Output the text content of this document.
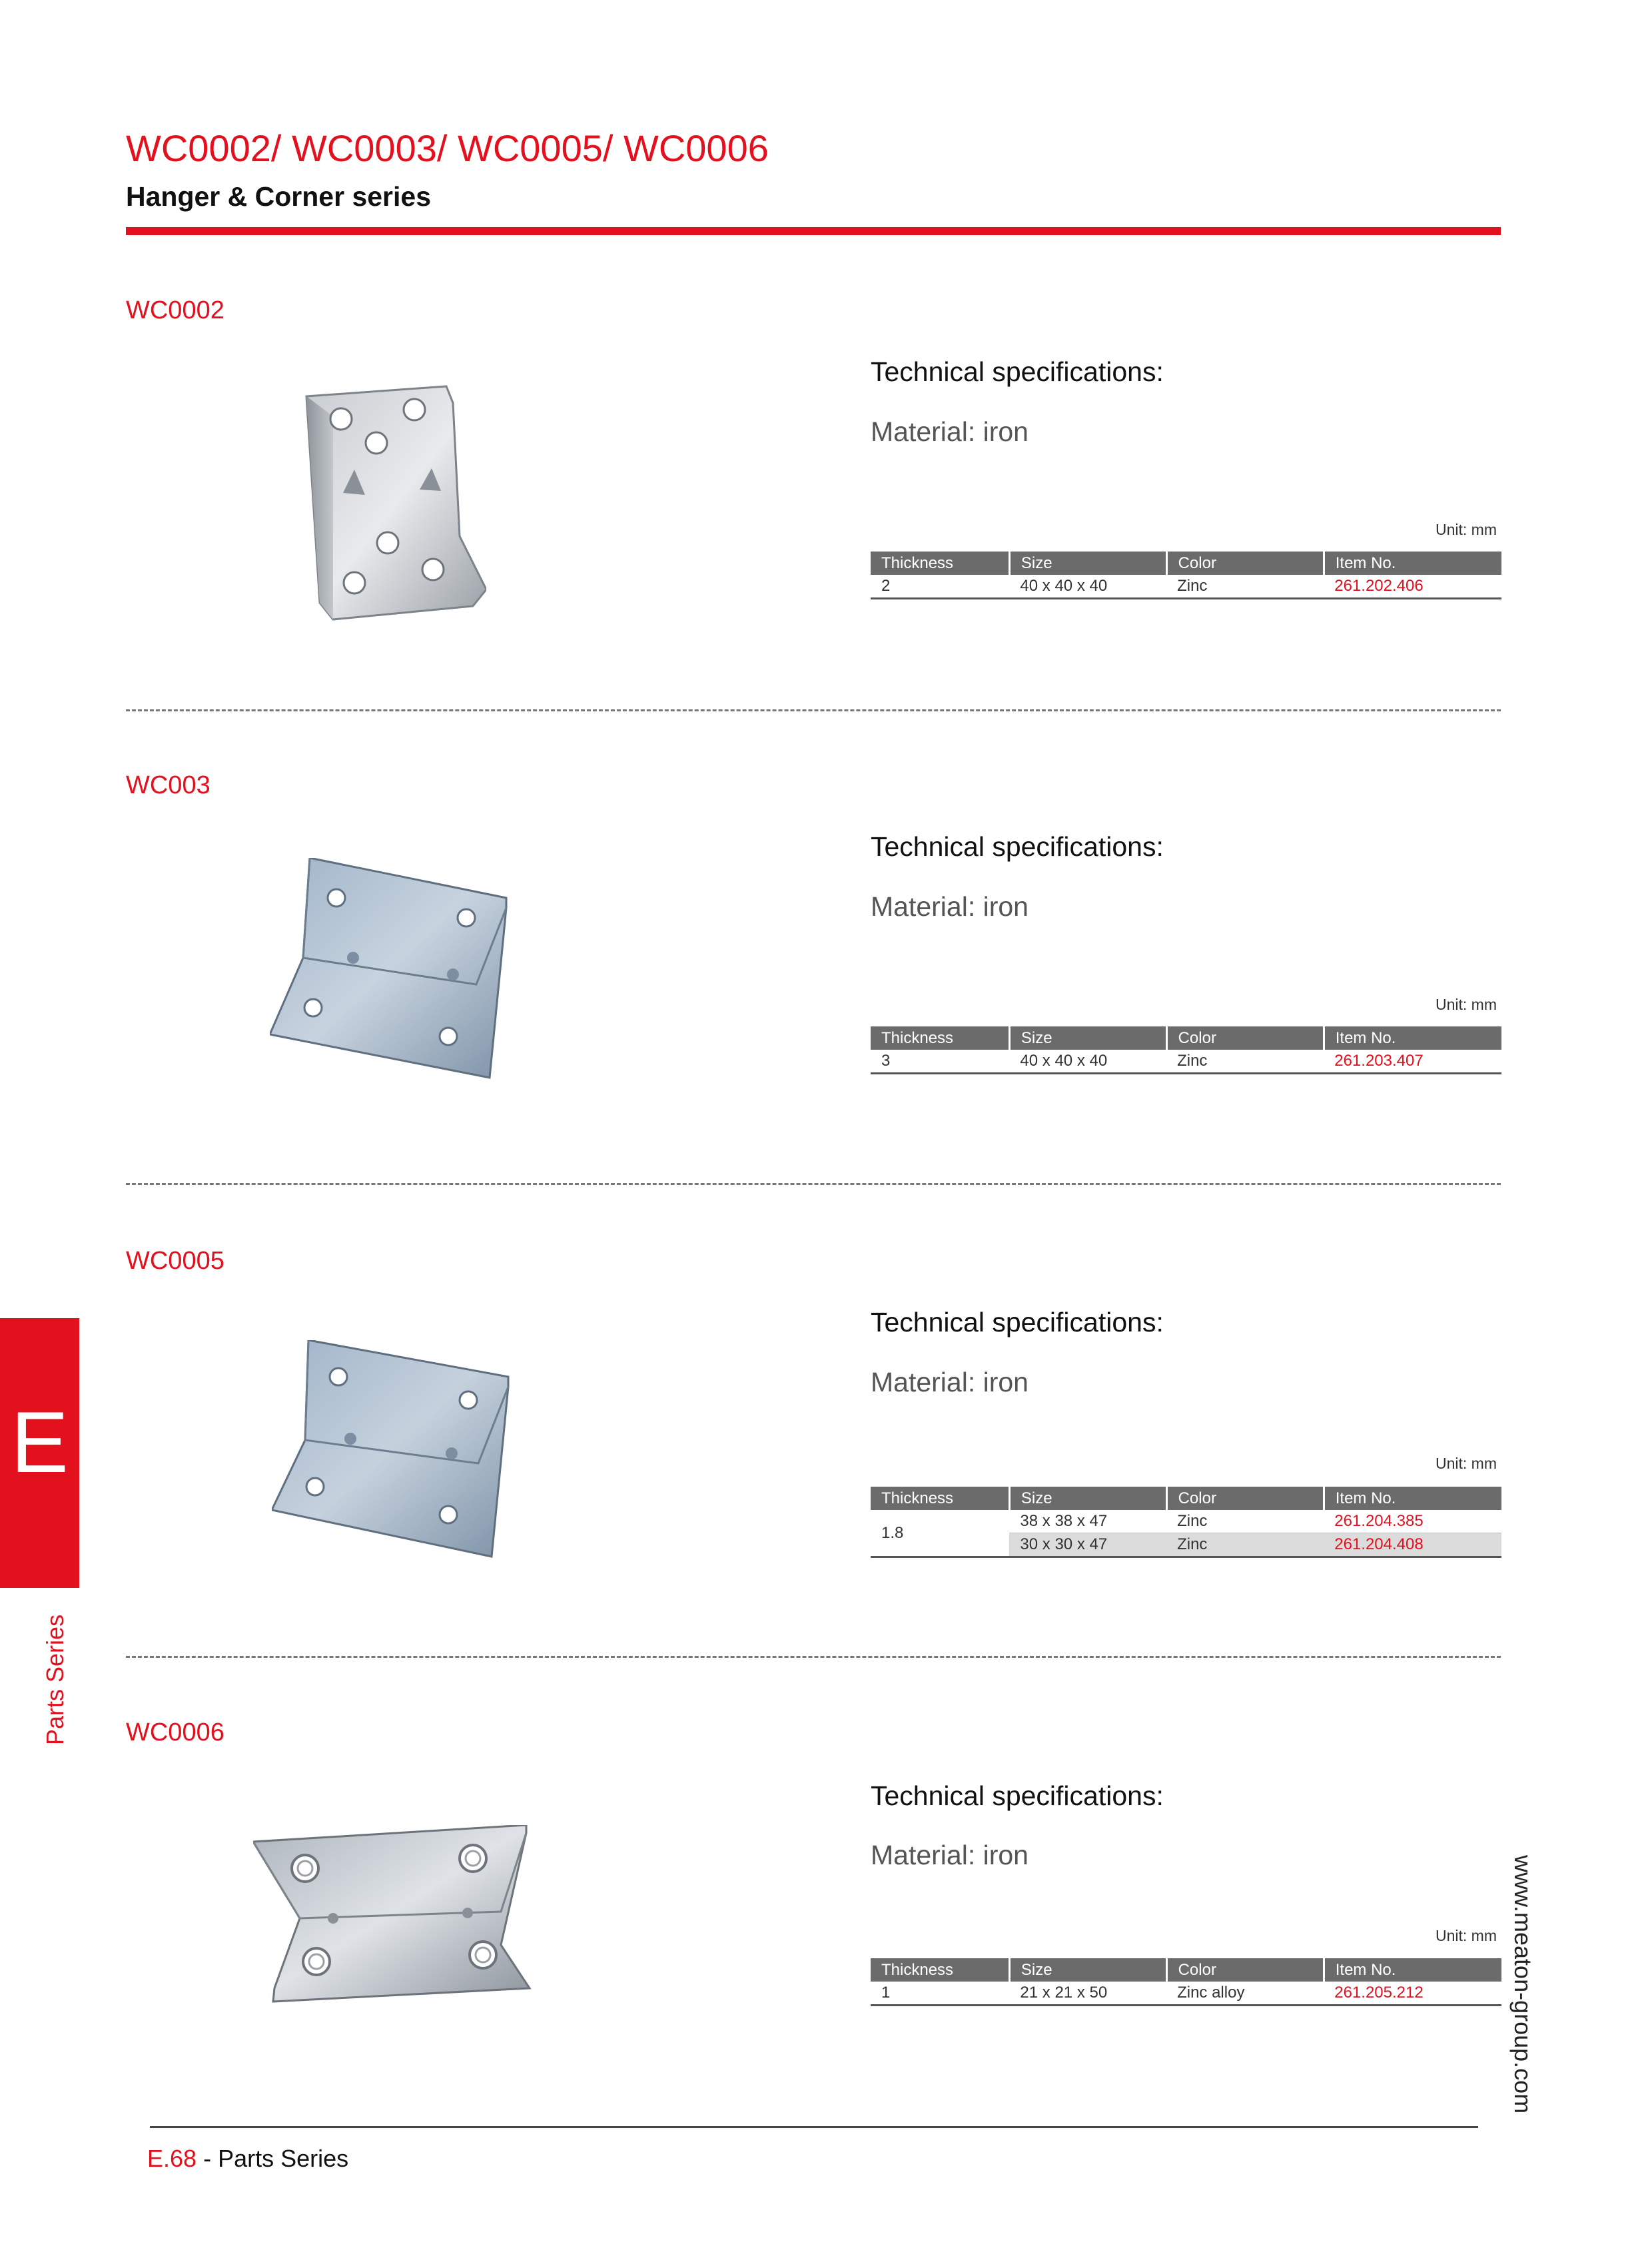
WC0002/ WC0003/ WC0005/ WC0006
Hanger & Corner series
WC0002
Technical specifications:
Material: iron
Unit: mm
Thickness	Size	Color	Item No.
2	40 x 40 x 40	Zinc	261.202.406
WC003
Technical specifications:
Material: iron
Unit: mm
Thickness	Size	Color	Item No.
3	40 x 40 x 40	Zinc	261.203.407
WC0005
Technical specifications:
Material: iron
Unit: mm
Thickness	Size	Color	Item No.
1.8	38 x 38 x 47	Zinc	261.204.385
	30 x 30 x 47	Zinc	261.204.408
WC0006
Technical specifications:
Material: iron
Unit: mm
Thickness	Size	Color	Item No.
1	21 x 21 x 50	Zinc alloy	261.205.212
E
Parts Series
www.meaton-group.com
E.68 - Parts Series
